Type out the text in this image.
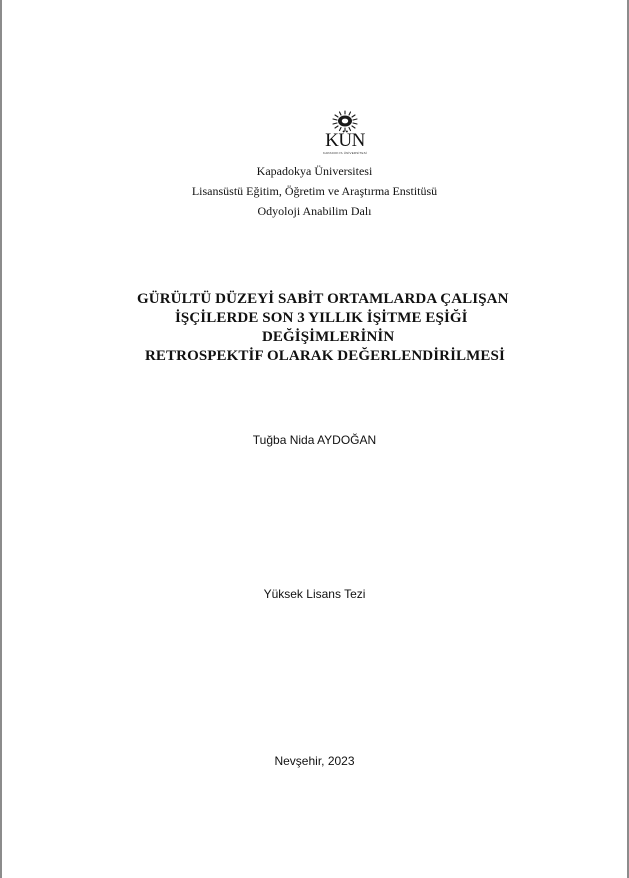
KÜN
KAPADOKYA ÜNİVERSİTESİ
Kapadokya Üniversitesi
Lisansüstü Eğitim, Öğretim ve Araştırma Enstitüsü
Odyoloji Anabilim Dalı
GÜRÜLTÜ DÜZEYİ SABİT ORTAMLARDA ÇALIŞAN
İŞÇİLERDE SON 3 YILLIK İŞİTME EŞİĞİ
DEĞİŞİMLERİNİN
RETROSPEKTİF OLARAK DEĞERLENDİRİLMESİ
Tuğba Nida AYDOĞAN
Yüksek Lisans Tezi
Nevşehir, 2023
